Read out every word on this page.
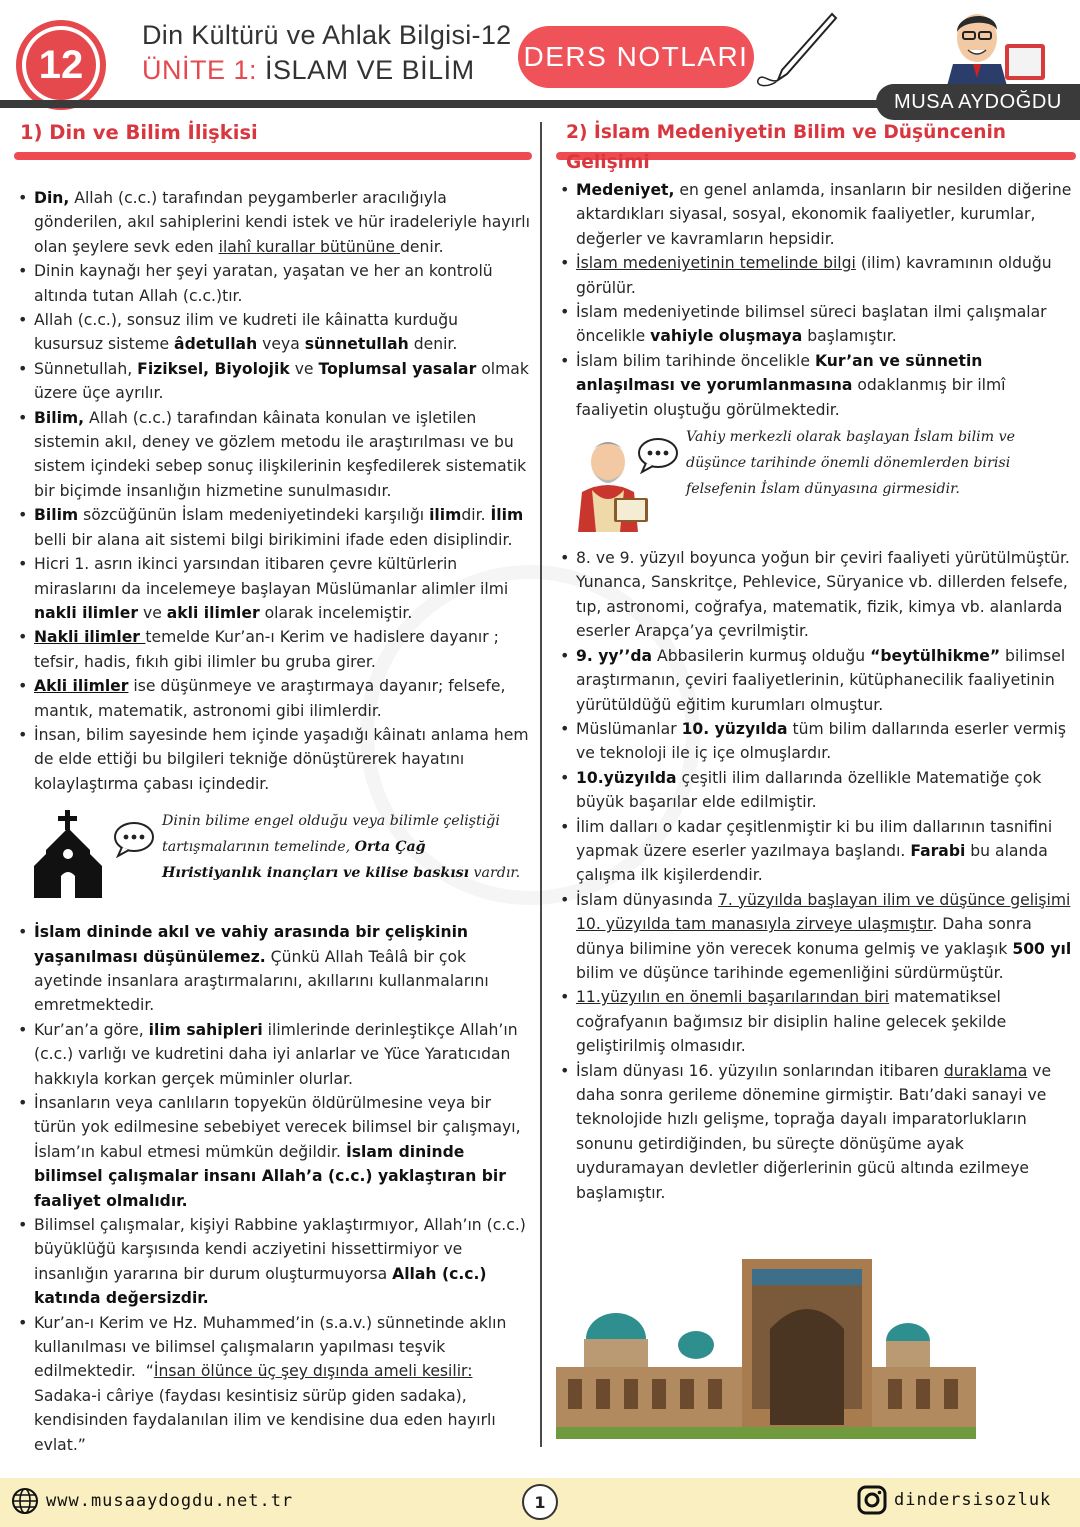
12
Din Kültürü ve Ahlak Bilgisi-12
ÜNİTE 1: İSLAM VE BİLİM DERS NOTLARI
MUSA AYDOĞDU
1) Din ve Bilim İlişkisi
• Din, Allah (c.c.) tarafından peygamberler aracılığıyla gönderilen, akıl sahiplerini kendi istek ve hür iradeleriyle hayırlı olan şeylere sevk eden ilahî kurallar bütününe denir.
• Dinin kaynağı her şeyi yaratan, yaşatan ve her an kontrolü altında tutan Allah (c.c.)tır.
• Allah (c.c.), sonsuz ilim ve kudreti ile kâinatta kurduğu kusursuz sisteme âdetullah veya sünnetullah denir.
• Sünnetullah, Fiziksel, Biyolojik ve Toplumsal yasalar olmak üzere üçe ayrılır.
• Bilim, Allah (c.c.) tarafından kâinata konulan ve işletilen sistemin akıl, deney ve gözlem metodu ile araştırılması ve bu sistem içindeki sebep sonuç ilişkilerinin keşfedilerek sistematik bir biçimde insanlığın hizmetine sunulmasıdır.
• Bilim sözcüğünün İslam medeniyetindeki karşılığı ilimdir. İlim belli bir alana ait sistemi bilgi birikimini ifade eden disiplindir.
• Hicri 1. asrın ikinci yarsından itibaren çevre kültürlerin miraslarını da incelemeye başlayan Müslümanlar alimler ilmi nakli ilimler ve akli ilimler olarak incelemiştir.
• Nakli ilimler temelde Kur’an-ı Kerim ve hadislere dayanır ; tefsir, hadis, fıkıh gibi ilimler bu gruba girer.
• Akli ilimler ise düşünmeye ve araştırmaya dayanır; felsefe, mantık, matematik, astronomi gibi ilimlerdir.
• İnsan, bilim sayesinde hem içinde yaşadığı kâinatı anlama hem de elde ettiği bu bilgileri tekniğe dönüştürerek hayatını kolaylaştırma çabası içindedir.
Dinin bilime engel olduğu veya bilimle çeliştiği
tartışmalarının temelinde, Orta Çağ
Hıristiyanlık inançları ve kilise baskısı vardır.
• İslam dininde akıl ve vahiy arasında bir çelişkinin yaşanılması düşünülemez. Çünkü Allah Teâlâ bir çok ayetinde insanlara araştırmalarını, akıllarını kullanmalarını emretmektedir.
• Kur’an’a göre, ilim sahipleri ilimlerinde derinleştikçe Allah’ın (c.c.) varlığı ve kudretini daha iyi anlarlar ve Yüce Yaratıcıdan hakkıyla korkan gerçek müminler olurlar.
• İnsanların veya canlıların topyekün öldürülmesine veya bir türün yok edilmesine sebebiyet verecek bilimsel bir çalışmayı, İslam’ın kabul etmesi mümkün değildir. İslam dininde bilimsel çalışmalar insanı Allah’a (c.c.) yaklaştıran bir faaliyet olmalıdır.
• Bilimsel çalışmalar, kişiyi Rabbine yaklaştırmıyor, Allah’ın (c.c.) büyüklüğü karşısında kendi acziyetini hissettirmiyor ve insanlığın yararına bir durum oluşturmuyorsa Allah (c.c.) katında değersizdir.
• Kur’an-ı Kerim ve Hz. Muhammed’in (s.a.v.) sünnetinde aklın kullanılması ve bilimsel çalışmaların yapılması teşvik edilmektedir.  “İnsan ölünce üç şey dışında ameli kesilir: Sadaka-i câriye (faydası kesintisiz sürüp giden sadaka), kendisinden faydalanılan ilim ve kendisine dua eden hayırlı evlat.”
2) İslam Medeniyetin Bilim ve Düşüncenin Gelişimi
• Medeniyet, en genel anlamda, insanların bir nesilden diğerine aktardıkları siyasal, sosyal, ekonomik faaliyetler, kurumlar, değerler ve kavramların hepsidir.
• İslam medeniyetinin temelinde bilgi (ilim) kavramının olduğu görülür.
• İslam medeniyetinde bilimsel süreci başlatan ilmi çalışmalar öncelikle vahiyle oluşmaya başlamıştır.
• İslam bilim tarihinde öncelikle Kur’an ve sünnetin anlaşılması ve yorumlanmasına odaklanmış bir ilmî faaliyetin oluştuğu görülmektedir.
Vahiy merkezli olarak başlayan İslam bilim ve
düşünce tarihinde önemli dönemlerden birisi
felsefenin İslam dünyasına girmesidir.
• 8. ve 9. yüzyıl boyunca yoğun bir çeviri faaliyeti yürütülmüştür. Yunanca, Sanskritçe, Pehlevice, Süryanice vb. dillerden felsefe, tıp, astronomi, coğrafya, matematik, fizik, kimya vb. alanlarda eserler Arapça’ya çevrilmiştir.
• 9. yy’’da Abbasilerin kurmuş olduğu “beytülhikme” bilimsel araştırmanın, çeviri faaliyetlerinin, kütüphanecilik faaliyetinin yürütüldüğü eğitim kurumları olmuştur.
• Müslümanlar 10. yüzyılda tüm bilim dallarında eserler vermiş ve teknoloji ile iç içe olmuşlardır.
• 10.yüzyılda çeşitli ilim dallarında özellikle Matematiğe çok büyük başarılar elde edilmiştir.
• İlim dalları o kadar çeşitlenmiştir ki bu ilim dallarının tasnifini yapmak üzere eserler yazılmaya başlandı. Farabi bu alanda çalışma ilk kişilerdendir.
• İslam dünyasında 7. yüzyılda başlayan ilim ve düşünce gelişimi 10. yüzyılda tam manasıyla zirveye ulaşmıştır. Daha sonra dünya bilimine yön verecek konuma gelmiş ve yaklaşık 500 yıl bilim ve düşünce tarihinde egemenliğini sürdürmüştür.
• 11.yüzyılın en önemli başarılarından biri matematiksel coğrafyanın bağımsız bir disiplin haline gelecek şekilde geliştirilmiş olmasıdır.
• İslam dünyası 16. yüzyılın sonlarından itibaren duraklama ve daha sonra gerileme dönemine girmiştir. Batı’daki sanayi ve teknolojide hızlı gelişme, toprağa dayalı imparatorlukların sonunu getirdiğinden, bu süreçte dönüşüme ayak uyduramayan devletler diğerlerinin gücü altında ezilmeye başlamıştır.
www.musaaydogdu.net.tr	1	dindersisozluk
